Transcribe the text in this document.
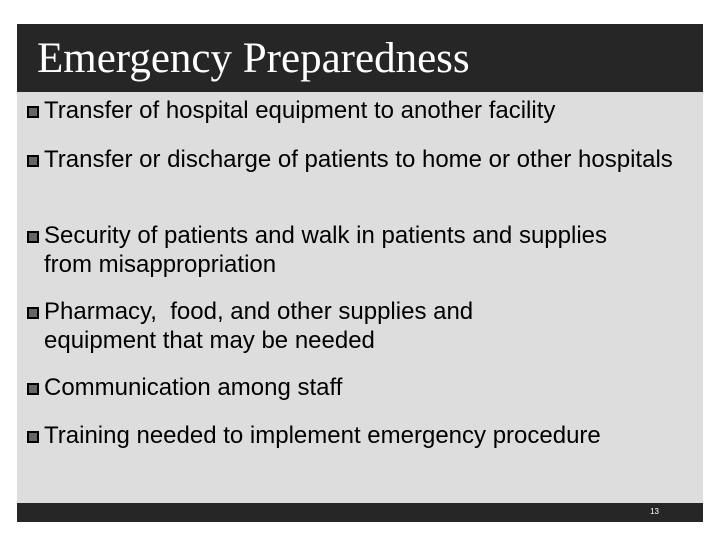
Emergency Preparedness
Transfer of hospital equipment to another facility
Transfer or discharge of patients to home or other hospitals
Security of patients and walk in patients and supplies from misappropriation
Pharmacy,  food, and other supplies and equipment that may be needed
Communication among staff
Training needed to implement emergency procedure
13
